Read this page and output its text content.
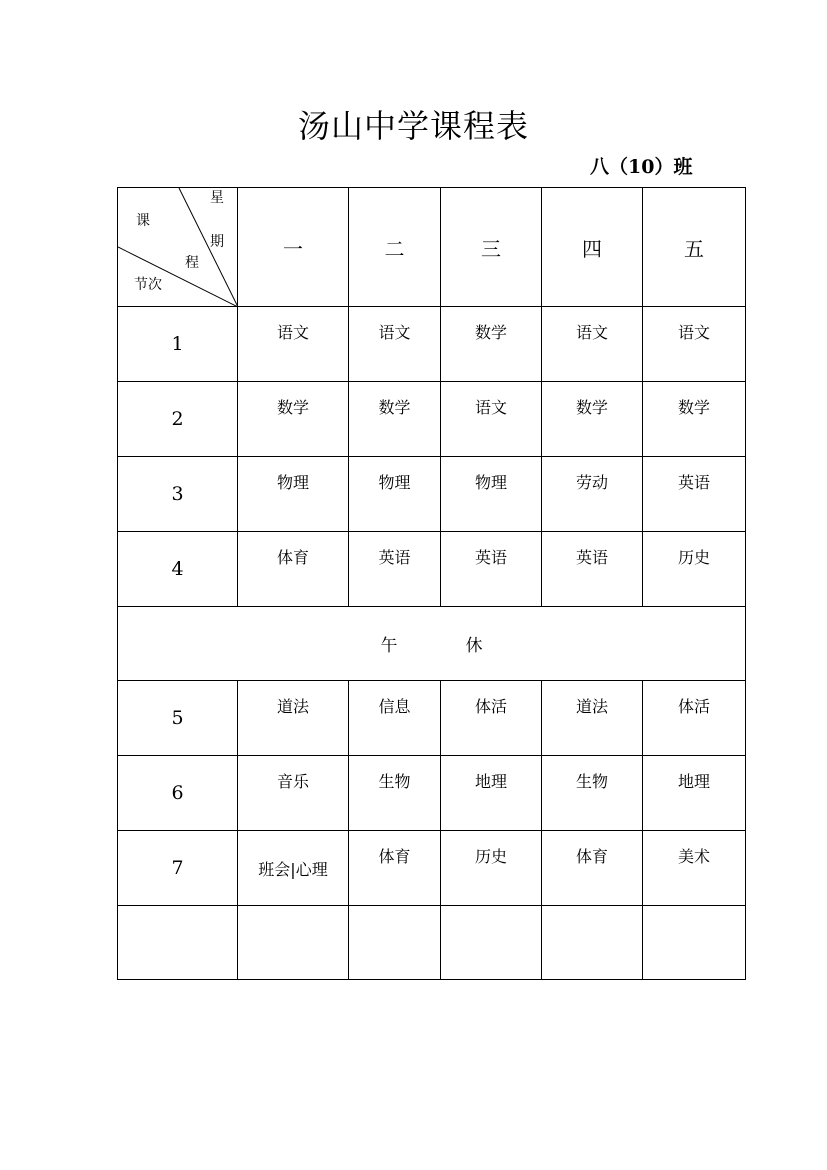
汤山中学课程表
八（10）班
星
期
课
程
节次	一	二	三	四	五
1	语文	语文	数学	语文	语文

2	数学	数学	语文	数学	数学

3	物理	物理	物理	劳动	英语

4	体育	英语	英语	英语	历史

午 休					
5	道法	信息	体活	道法	体活

6	音乐	生物	地理	生物	地理

7	班会|心理	体育	历史	体育	美术
